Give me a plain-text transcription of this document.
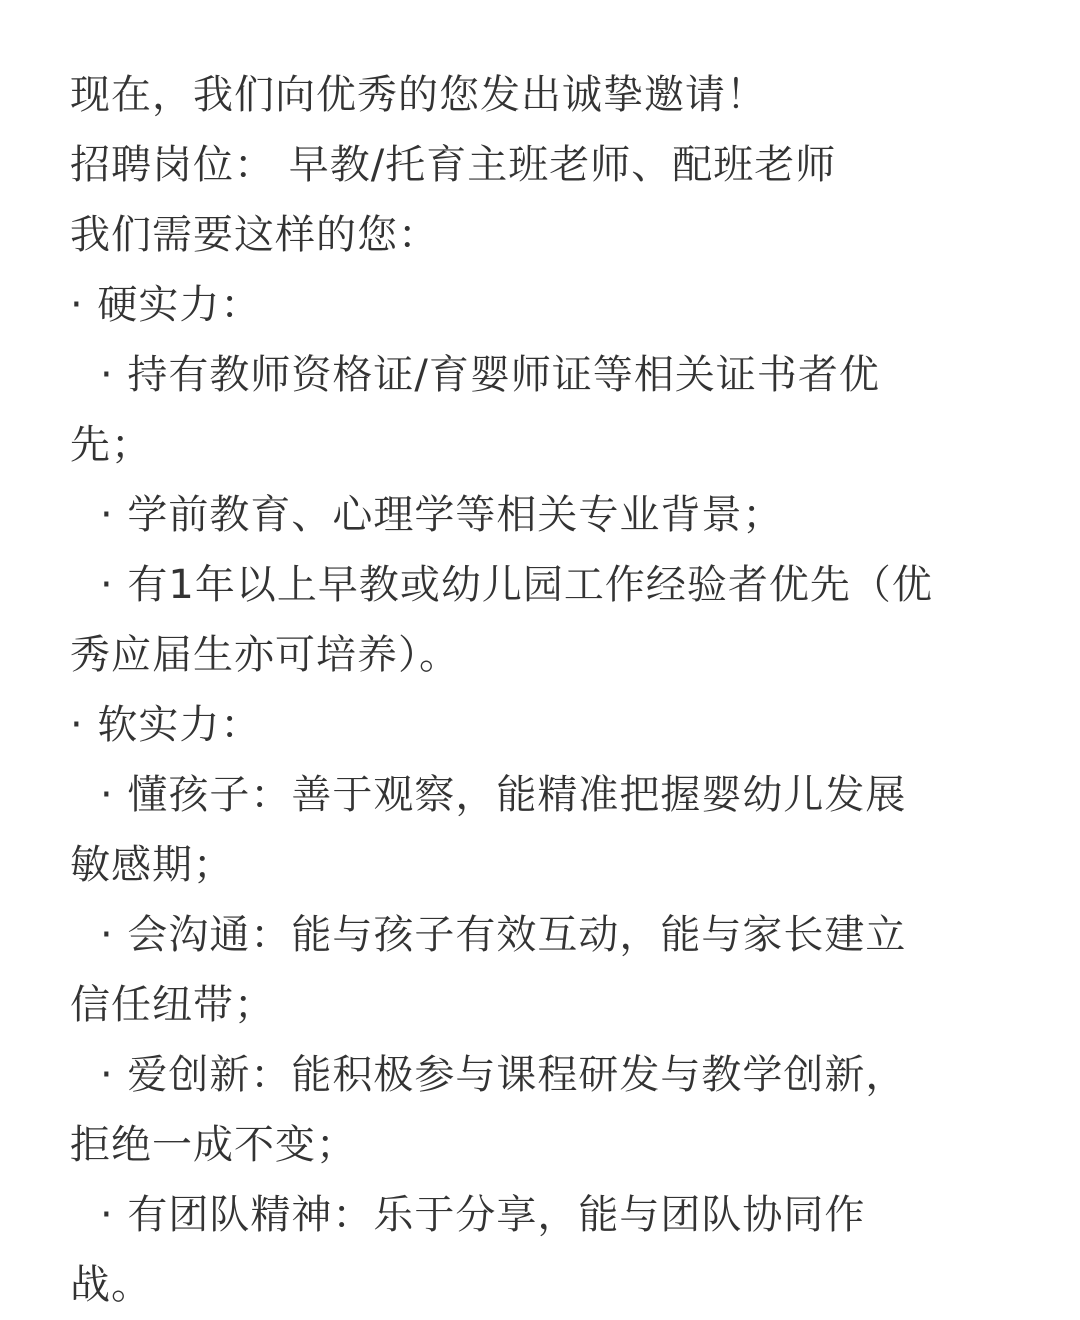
现在，我们向优秀的您发出诚挚邀请！
招聘岗位： 早教/托育主班老师、配班老师
我们需要这样的您：
· 硬实力：
· 持有教师资格证/育婴师证等相关证书者优
先；
· 学前教育、心理学等相关专业背景；
· 有1年以上早教或幼儿园工作经验者优先（优
秀应届生亦可培养）。
· 软实力：
· 懂孩子：善于观察，能精准把握婴幼儿发展
敏感期；
· 会沟通：能与孩子有效互动，能与家长建立
信任纽带；
· 爱创新：能积极参与课程研发与教学创新，
拒绝一成不变；
· 有团队精神：乐于分享，能与团队协同作
战。
